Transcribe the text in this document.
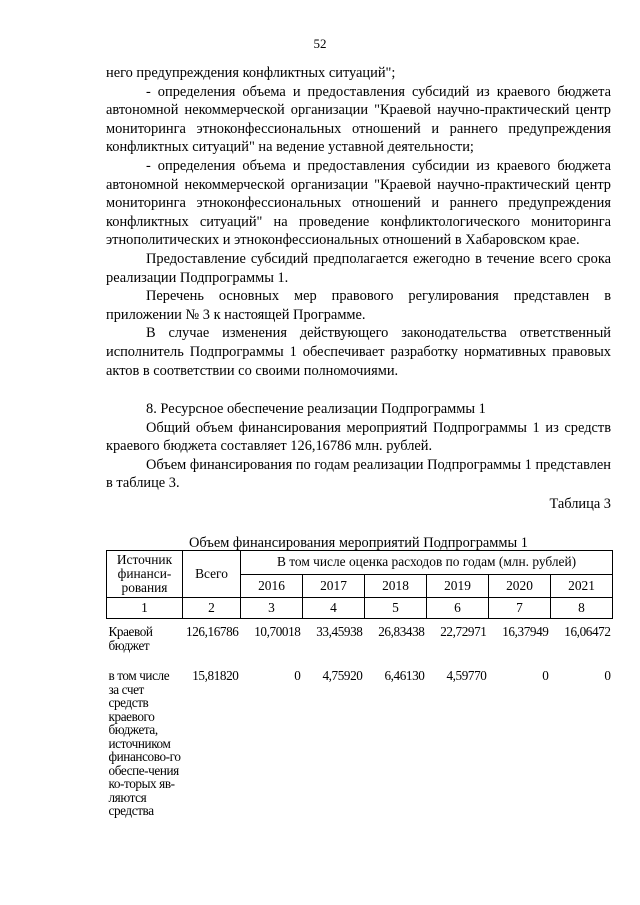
52

него предупреждения конфликтных ситуаций";

- определения объема и предоставления субсидий из краевого бюджета автономной некоммерческой организации "Краевой научно-практический центр мониторинга этноконфессиональных отношений и раннего предупреждения конфликтных ситуаций" на ведение уставной деятельности;

- определения объема и предоставления субсидии из краевого бюджета автономной некоммерческой организации "Краевой научно-практический центр мониторинга этноконфессиональных отношений и раннего предупреждения конфликтных ситуаций" на проведение конфликтологического мониторинга этнополитических и этноконфессиональных отношений в Хабаровском крае.

Предоставление субсидий предполагается ежегодно в течение всего срока реализации Подпрограммы 1.

Перечень основных мер правового регулирования представлен в приложении № 3 к настоящей Программе.

В случае изменения действующего законодательства ответственный исполнитель Подпрограммы 1 обеспечивает разработку нормативных правовых актов в соответствии со своими полномочиями.

8. Ресурсное обеспечение реализации Подпрограммы 1

Общий объем финансирования мероприятий Подпрограммы 1 из средств краевого бюджета составляет 126,16786 млн. рублей.

Объем финансирования по годам реализации Подпрограммы 1 представлен в таблице 3.

Таблица 3

Объем финансирования мероприятий Подпрограммы 1

Источник финанси-рования	Всего	В том числе оценка расходов по годам (млн. рублей)					
		2016	2017	2018	2019	2020	2021
1	2	3	4	5	6	7	8
Краевой бюджет	126,16786	10,70018	33,45938	26,83438	22,72971	16,37949	16,06472
в том числе за счет средств краевого бюджета, источником финансово-го обеспе-чения ко-торых яв-ляются средства	15,81820	0	4,75920	6,46130	4,59770	0	0
